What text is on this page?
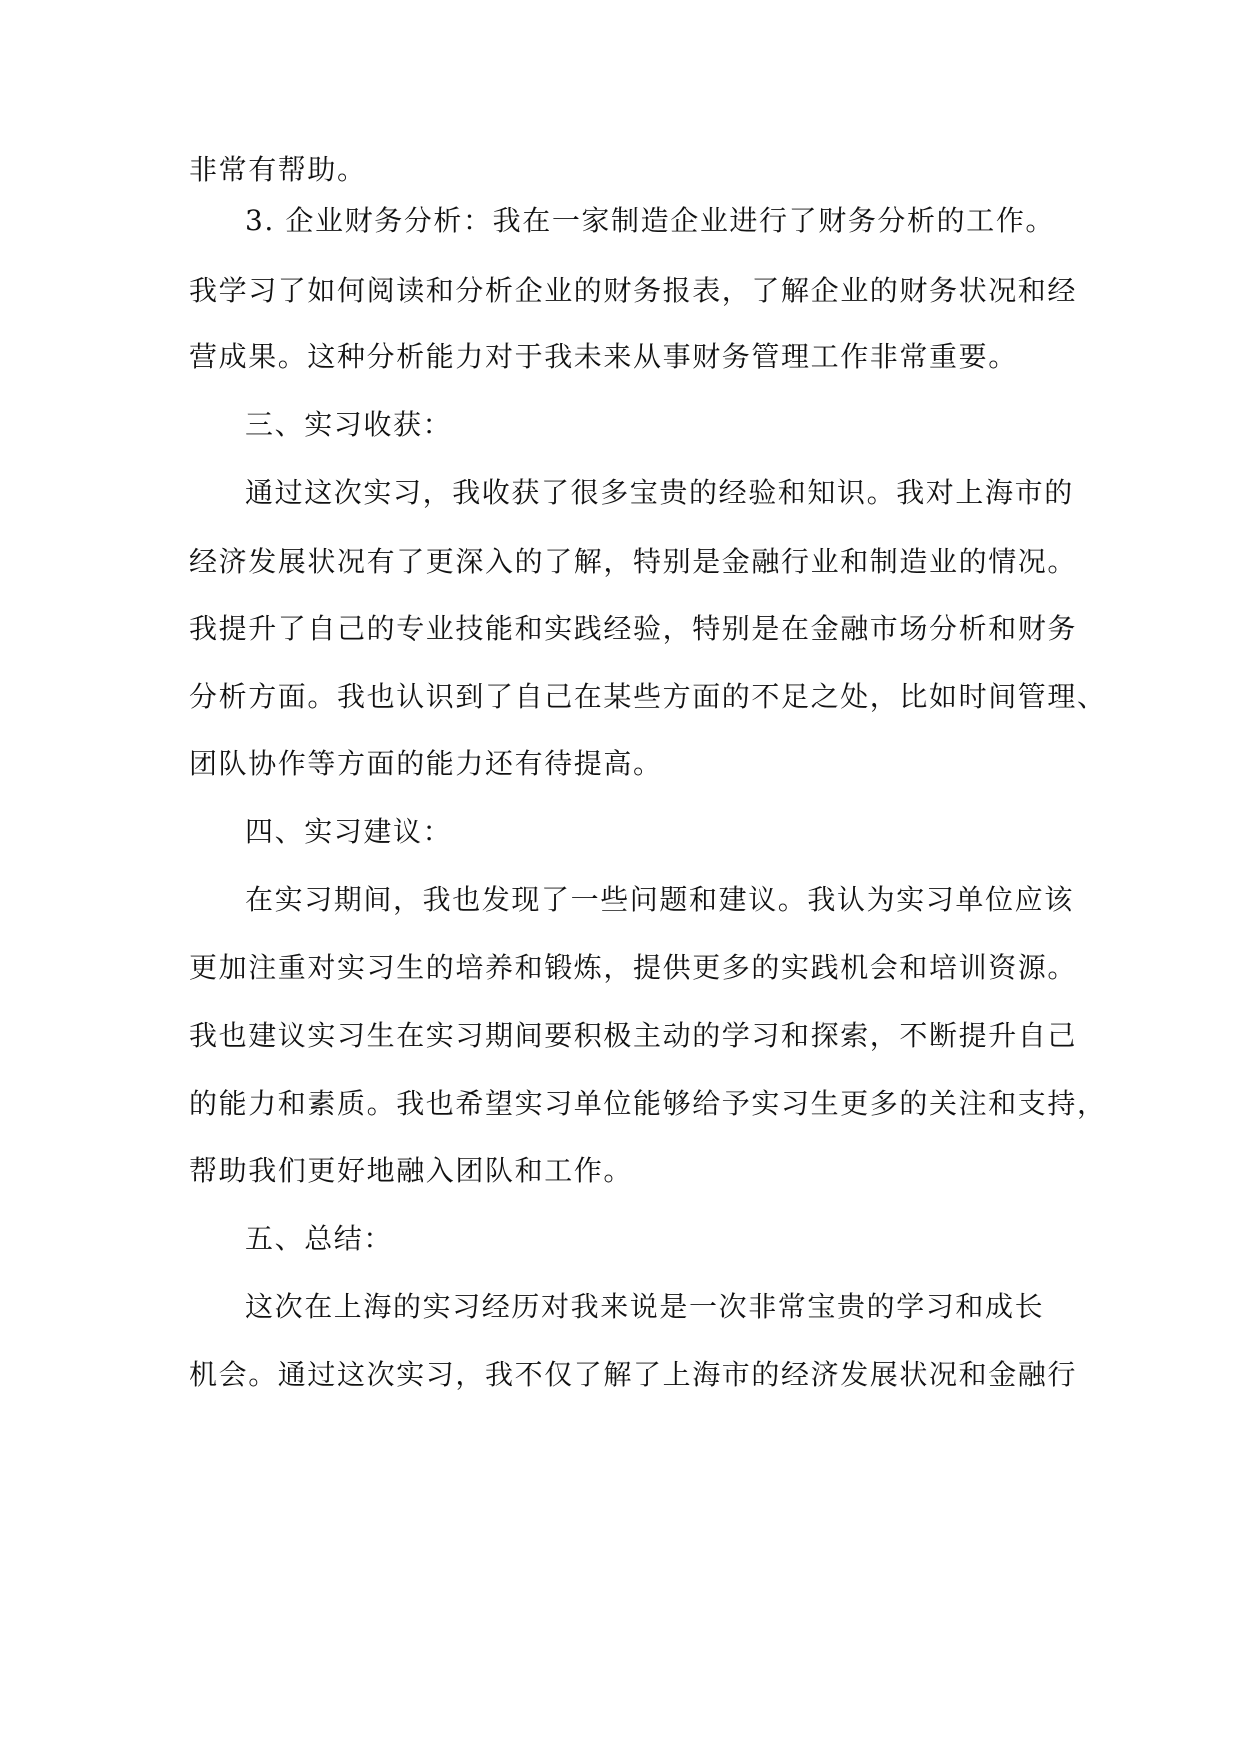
非常有帮助。
3. 企业财务分析：我在一家制造企业进行了财务分析的工作。
我学习了如何阅读和分析企业的财务报表，了解企业的财务状况和经
营成果。这种分析能力对于我未来从事财务管理工作非常重要。
三、实习收获：
通过这次实习，我收获了很多宝贵的经验和知识。我对上海市的
经济发展状况有了更深入的了解，特别是金融行业和制造业的情况。
我提升了自己的专业技能和实践经验，特别是在金融市场分析和财务
分析方面。我也认识到了自己在某些方面的不足之处，比如时间管理、
团队协作等方面的能力还有待提高。
四、实习建议：
在实习期间，我也发现了一些问题和建议。我认为实习单位应该
更加注重对实习生的培养和锻炼，提供更多的实践机会和培训资源。
我也建议实习生在实习期间要积极主动的学习和探索，不断提升自己
的能力和素质。我也希望实习单位能够给予实习生更多的关注和支持，
帮助我们更好地融入团队和工作。
五、总结：
这次在上海的实习经历对我来说是一次非常宝贵的学习和成长
机会。通过这次实习，我不仅了解了上海市的经济发展状况和金融行
